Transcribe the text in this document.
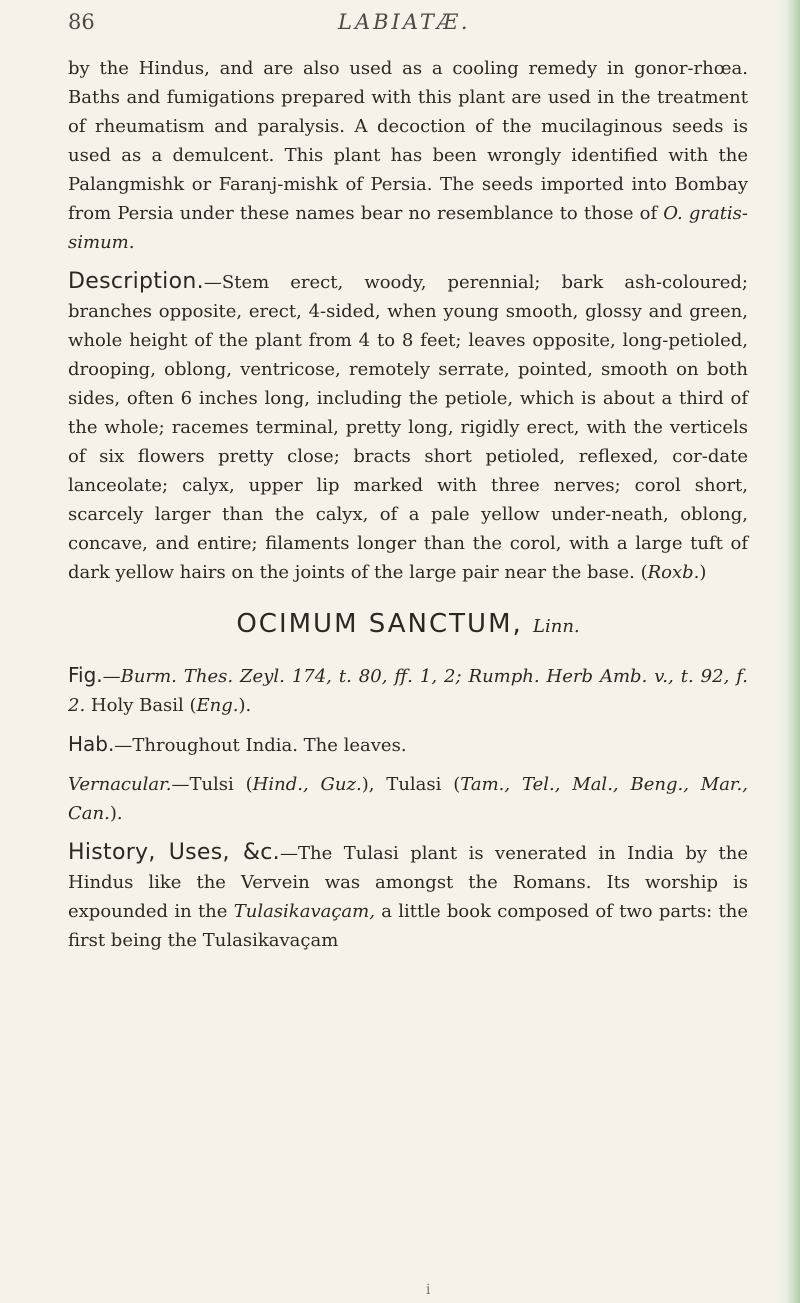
86	LABIATÆ.

by the Hindus, and are also used as a cooling remedy in gonor-rhœa. Baths and fumigations prepared with this plant are used in the treatment of rheumatism and paralysis. A decoction of the mucilaginous seeds is used as a demulcent. This plant has been wrongly identified with the Palangmishk or Faranj-mishk of Persia. The seeds imported into Bombay from Persia under these names bear no resemblance to those of O. gratis-simum.

Description.—Stem erect, woody, perennial; bark ash-coloured; branches opposite, erect, 4-sided, when young smooth, glossy and green, whole height of the plant from 4 to 8 feet; leaves opposite, long-petioled, drooping, oblong, ventricose, remotely serrate, pointed, smooth on both sides, often 6 inches long, including the petiole, which is about a third of the whole; racemes terminal, pretty long, rigidly erect, with the verticels of six flowers pretty close; bracts short petioled, reflexed, cor-date lanceolate; calyx, upper lip marked with three nerves; corol short, scarcely larger than the calyx, of a pale yellow under-neath, oblong, concave, and entire; filaments longer than the corol, with a large tuft of dark yellow hairs on the joints of the large pair near the base. (Roxb.)

OCIMUM SANCTUM, Linn.

Fig.—Burm. Thes. Zeyl. 174, t. 80, ff. 1, 2; Rumph. Herb Amb. v., t. 92, f. 2. Holy Basil (Eng.).

Hab.—Throughout India. The leaves.

Vernacular.—Tulsi (Hind., Guz.), Tulasi (Tam., Tel., Mal., Beng., Mar., Can.).

History, Uses, &c.—The Tulasi plant is venerated in India by the Hindus like the Vervein was amongst the Romans. Its worship is expounded in the Tulasikavaçam, a little book composed of two parts: the first being the Tulasikavaçam

i
